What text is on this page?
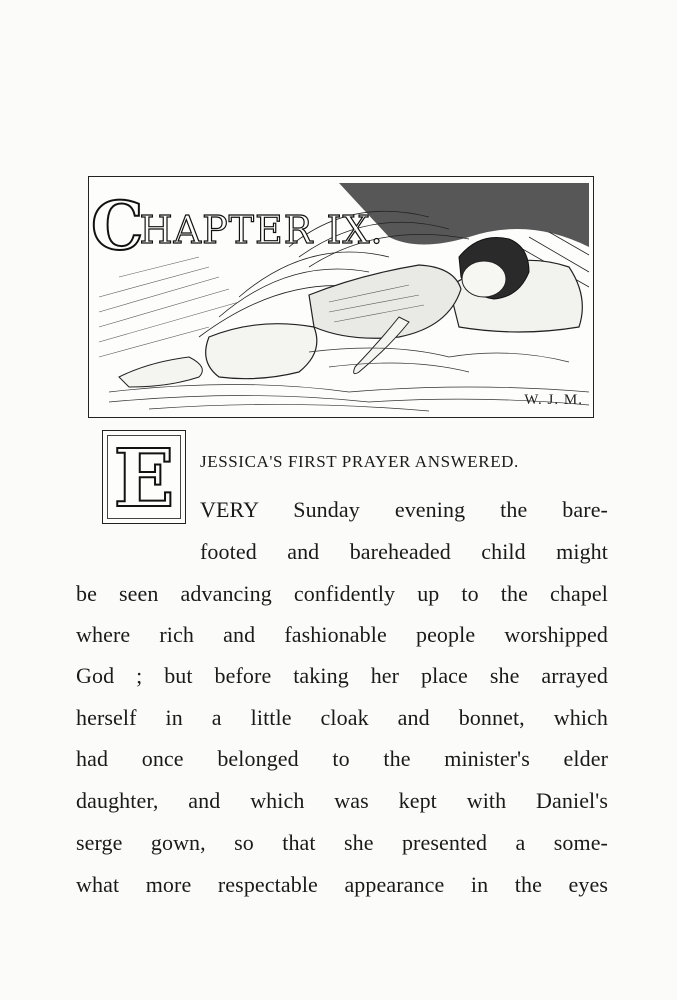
CHAPTER IX.
W. J. M.
E	JESSICA'S FIRST PRAYER ANSWERED.
VERY Sunday evening the bare-
footed and bareheaded child might
be seen advancing confidently up to the chapel
where rich and fashionable people worshipped
God ; but before taking her place she arrayed
herself in a little cloak and bonnet, which
had once belonged to the minister's elder
daughter, and which was kept with Daniel's
serge gown, so that she presented a some-
what more respectable appearance in the eyes
